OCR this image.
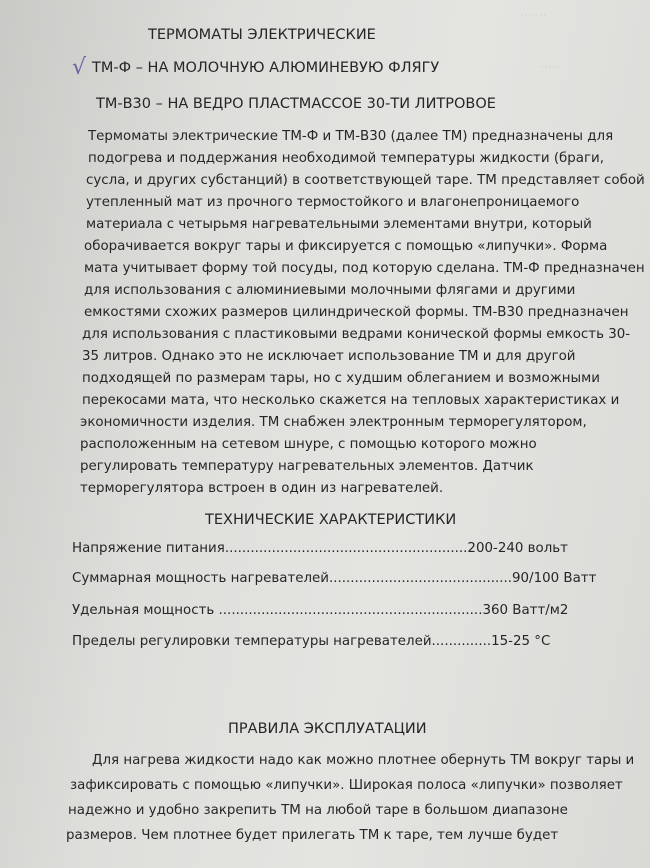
·······
·····
ТЕРМОМАТЫ ЭЛЕКТРИЧЕСКИЕ
√ ТМ-Ф – НА МОЛОЧНУЮ АЛЮМИНЕВУЮ ФЛЯГУ
ТМ-В30 – НА ВЕДРО ПЛАСТМАССОЕ 30-ТИ ЛИТРОВОЕ
Термоматы электрические ТМ-Ф и ТМ-В30 (далее ТМ) предназначены для
подогрева и поддержания необходимой температуры жидкости (браги,
сусла, и других субстанций) в соответствующей таре. ТМ представляет собой
утепленный мат из прочного термостойкого и влагонепроницаемого
материала с четырьмя нагревательными элементами внутри, который
оборачивается вокруг тары и фиксируется с помощью «липучки». Форма
мата учитывает форму той посуды, под которую сделана. ТМ-Ф предназначен
для использования с алюминиевыми молочными флягами и другими
емкостями схожих размеров цилиндрической формы. ТМ-В30 предназначен
для использования с пластиковыми ведрами конической формы емкость 30-
35 литров. Однако это не исключает использование ТМ и для другой
подходящей по размерам тары, но с худшим облеганием и возможными
перекосами мата, что несколько скажется на тепловых характеристиках и
экономичности изделия. ТМ снабжен электронным терморегулятором,
расположенным на сетевом шнуре, с помощью которого можно
регулировать температуру нагревательных элементов. Датчик
терморегулятора встроен в один из нагревателей.
ТЕХНИЧЕСКИЕ ХАРАКТЕРИСТИКИ
Напряжение питания.........................................................200-240 вольт
Суммарная мощность нагревателей...........................................90/100 Ватт
Удельная мощность ..............................................................360 Ватт/м2
Пределы регулировки температуры нагревателей..............15-25 °С
ПРАВИЛА ЭКСПЛУАТАЦИИ
Для нагрева жидкости надо как можно плотнее обернуть ТМ вокруг тары и
зафиксировать с помощью «липучки». Широкая полоса «липучки» позволяет
надежно и удобно закрепить ТМ на любой таре в большом диапазоне
размеров. Чем плотнее будет прилегать ТМ к таре, тем лучше будет
